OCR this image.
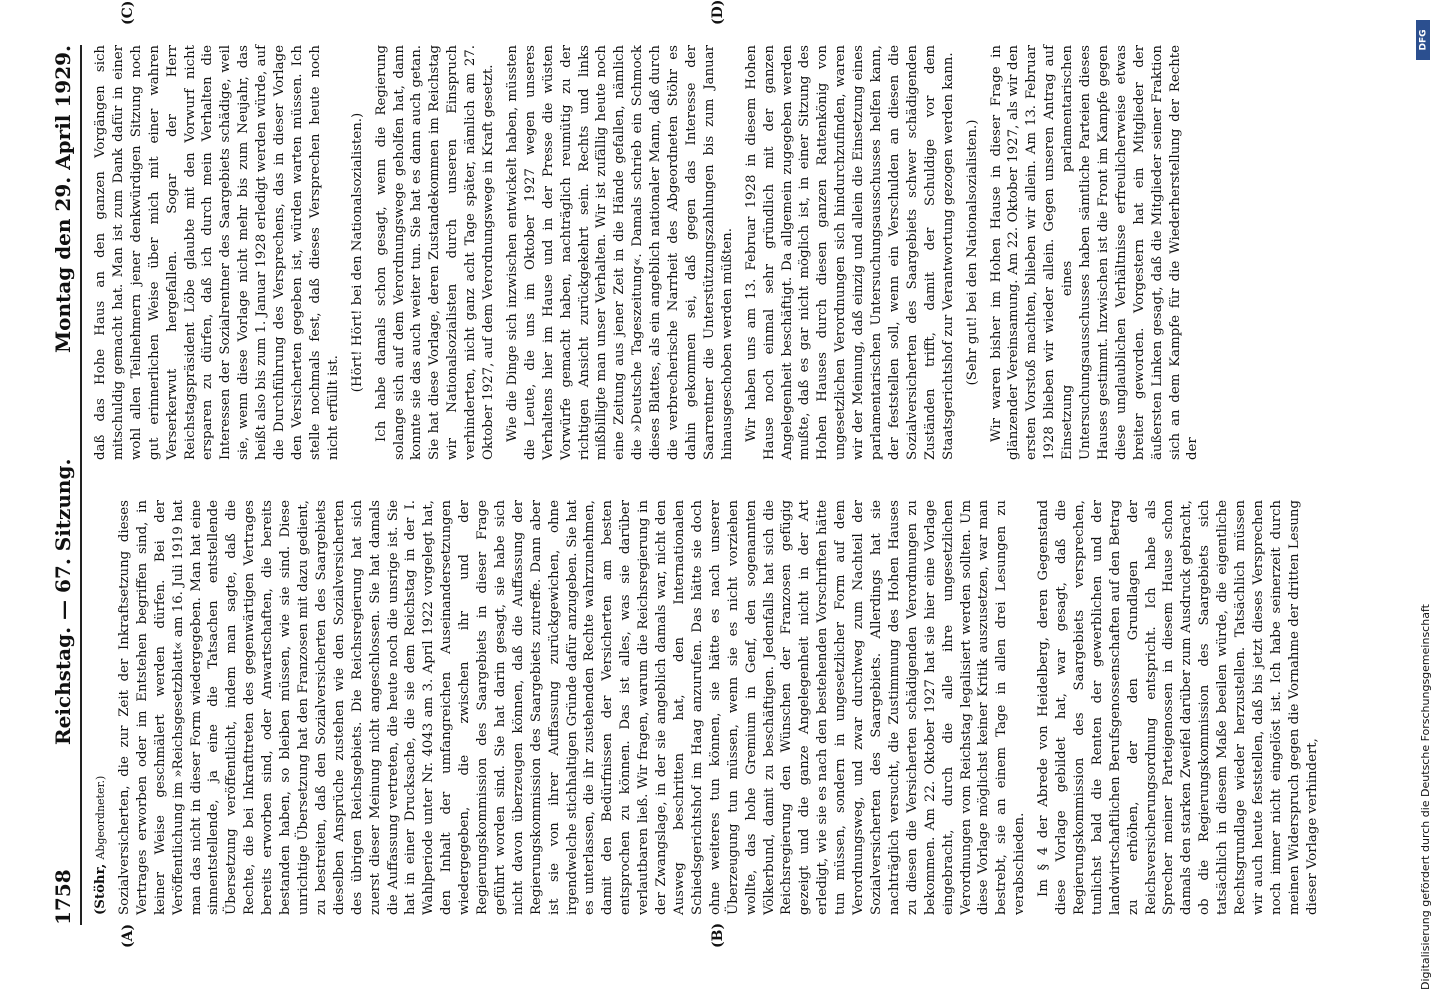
1758
Reichstag. — 67. Sitzung.
Montag den 29. April 1929.
(A)	(B)
(C)	(D)

(Stöhr, Abgeordneter.) Sozialversicherten, die zur Zeit der Inkraftsetzung dieses Vertrages erworben oder im Entstehen begriffen sind, in keiner Weise geschmälert werden dürfen. Bei der Veröffentlichung im »Reichsgesetzblatt« am 16. Juli 1919 hat man das nicht in dieser Form wiedergegeben. Man hat eine sinnentstellende, ja eine die Tatsachen entstellende Übersetzung veröffentlicht, indem man sagte, daß die Rechte, die bei Inkrafttreten des gegenwärtigen Vertrages bereits erworben sind, oder Anwartschaften, die bereits bestanden haben, so bleiben müssen, wie sie sind. Diese unrichtige Übersetzung hat den Franzosen mit dazu gedient, zu bestreiten, daß den Sozialversicherten des Saargebiets dieselben Ansprüche zustehen wie den Sozialversicherten des übrigen Reichsgebiets. Die Reichsregierung hat sich zuerst dieser Meinung nicht angeschlossen. Sie hat damals die Auffassung vertreten, die heute noch die unsrige ist. Sie hat in einer Drucksache, die sie dem Reichstag in der I. Wahlperiode unter Nr. 4043 am 3. April 1922 vorgelegt hat, den Inhalt der umfangreichen Auseinandersetzungen wiedergegeben, die zwischen ihr und der Regierungskommission des Saargebiets in dieser Frage geführt worden sind. Sie hat darin gesagt, sie habe sich nicht davon überzeugen können, daß die Auffassung der Regierungskommission des Saargebiets zutreffe. Dann aber ist sie von ihrer Auffassung zurückgewichen, ohne irgendwelche stichhaltigen Gründe dafür anzugeben. Sie hat es unterlassen, die ihr zustehenden Rechte wahrzunehmen, damit den Bedürfnissen der Versicherten am besten entsprochen zu können. Das ist alles, was sie darüber verlautbaren ließ. Wir fragen, warum die Reichsregierung in der Zwangslage, in der sie angeblich damals war, nicht den Ausweg beschritten hat, den Internationalen Schiedsgerichtshof im Haag anzurufen. Das hätte sie doch ohne weiteres tun können, sie hätte es nach unserer Überzeugung tun müssen, wenn sie es nicht vorziehen wollte, das hohe Gremium in Genf, den sogenannten Völkerbund, damit zu beschäftigen. Jedenfalls hat sich die Reichsregierung den Wünschen der Franzosen gefügig gezeigt und die ganze Angelegenheit nicht in der Art erledigt, wie sie es nach den bestehenden Vorschriften hätte tun müssen, sondern in ungesetzlicher Form auf dem Verordnungsweg, und zwar durchweg zum Nachteil der Sozialversicherten des Saargebiets. Allerdings hat sie nachträglich versucht, die Zustimmung des Hohen Hauses zu diesen die Versicherten schädigenden Verordnungen zu bekommen. Am 22. Oktober 1927 hat sie hier eine Vorlage eingebracht, durch die alle ihre ungesetzlichen Verordnungen vom Reichstag legalisiert werden sollten. Um diese Vorlage möglichst keiner Kritik auszusetzen, war man bestrebt, sie an einem Tage in allen drei Lesungen zu verabschieden. Im § 4 der Abrede von Heidelberg, deren Gegenstand diese Vorlage gebildet hat, war gesagt, daß die Regierungskommission des Saargebiets versprechen, tunlichst bald die Renten der gewerblichen und der landwirtschaftlichen Berufsgenossenschaften auf den Betrag zu erhöhen, der den Grundlagen der Reichsversicherungsordnung entspricht. Ich habe als Sprecher meiner Parteigenossen in diesem Hause schon damals den starken Zweifel darüber zum Ausdruck gebracht, ob die Regierungskommission des Saargebiets sich tatsächlich in diesem Maße beeilen würde, die eigentliche Rechtsgrundlage wieder herzustellen. Tatsächlich müssen wir auch heute feststellen, daß bis jetzt dieses Versprechen noch immer nicht eingelöst ist. Ich habe seinerzeit durch meinen Widerspruch gegen die Vornahme der dritten Lesung dieser Vorlage verhindert,

daß das Hohe Haus an den ganzen Vorgängen sich mitschuldig gemacht hat. Man ist zum Dank dafür in einer wohl allen Teilnehmern jener denkwürdigen Sitzung noch gut erinnerlichen Weise über mich mit einer wahren Verserkerwut hergefallen. Sogar der Herr Reichstagspräsident Löbe glaubte mit den Vorwurf nicht ersparen zu dürfen, daß ich durch mein Verhalten die Interessen der Sozialrentner des Saargebiets schädige, weil sie, wenn diese Vorlage nicht mehr bis zum Neujahr, das heißt also bis zum 1. Januar 1928 erledigt werden würde, auf die Durchführung des Versprechens, das in dieser Vorlage den Versicherten gegeben ist, würden warten müssen. Ich stelle nochmals fest, daß dieses Versprechen heute noch nicht erfüllt ist.

(Hört! Hört! bei den Nationalsozialisten.) Ich habe damals schon gesagt, wenn die Regierung solange sich auf dem Verordnungswege geholfen hat, dann konnte sie das auch weiter tun. Sie hat es dann auch getan. Sie hat diese Vorlage, deren Zustandekommen im Reichstag wir Nationalsozialisten durch unseren Einspruch verhinderten, nicht ganz acht Tage später, nämlich am 27. Oktober 1927, auf dem Verordnungswege in Kraft gesetzt. Wie die Dinge sich inzwischen entwickelt haben, müssten die Leute, die uns im Oktober 1927 wegen unseres Verhaltens hier im Hause und in der Presse die wüsten Vorwürfe gemacht haben, nachträglich reumütig zu der richtigen Ansicht zurückgekehrt sein. Rechts und links mißbilligte man unser Verhalten. Wir ist zufällig heute noch eine Zeitung aus jener Zeit in die Hände gefallen, nämlich die »Deutsche Tageszeitung«. Damals schrieb ein Schmock dieses Blattes, als ein angeblich nationaler Mann, daß durch die verbrecherische Narrheit des Abgeordneten Stöhr es dahin gekommen sei, daß gegen das Interesse der Saarrentner die Unterstützungszahlungen bis zum Januar hinausgeschoben werden müßten. Wir haben uns am 13. Februar 1928 in diesem Hohen Hause noch einmal sehr gründlich mit der ganzen Angelegenheit beschäftigt. Da allgemein zugegeben werden mußte, daß es gar nicht möglich ist, in einer Sitzung des Hohen Hauses durch diesen ganzen Rattenkönig von ungesetzlichen Verordnungen sich hindurchzufinden, waren wir der Meinung, daß einzig und allein die Einsetzung eines parlamentarischen Untersuchungsausschusses helfen kann, der feststellen soll, wenn ein Verschulden an diesen die Sozialversicherten des Saargebiets schwer schädigenden Zuständen trifft, damit der Schuldige vor dem Staatsgerichtshof zur Verantwortung gezogen werden kann. (Sehr gut! bei den Nationalsozialisten.) Wir waren bisher im Hohen Hause in dieser Frage in glänzender Vereinsamung. Am 22. Oktober 1927, als wir den ersten Vorstoß machten, blieben wir allein. Am 13. Februar 1928 blieben wir wieder allein. Gegen unseren Antrag auf Einsetzung eines parlamentarischen Untersuchungsausschusses haben sämtliche Parteien dieses Hauses gestimmt. Inzwischen ist die Front im Kampfe gegen diese unglaublichen Verhältnisse erfreulicherweise etwas breiter geworden. Vorgestern hat ein Mitglieder der äußersten Linken gesagt, daß die Mitglieder seiner Fraktion sich an dem Kampfe für die Wiederherstellung der Rechte der

Digitalisierung gefördert durch die Deutsche Forschungsgemeinschaft
DFG
